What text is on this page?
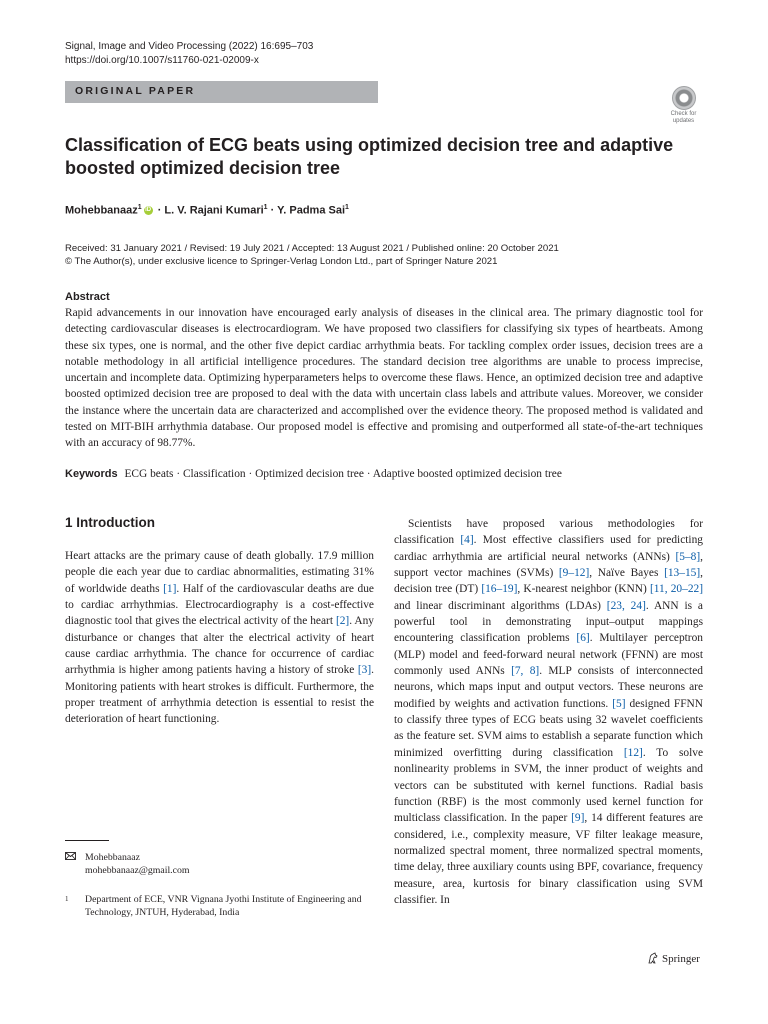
Signal, Image and Video Processing (2022) 16:695–703
https://doi.org/10.1007/s11760-021-02009-x
ORIGINAL PAPER
Check for
updates
Classification of ECG beats using optimized decision tree and adaptive boosted optimized decision tree
Mohebbanaaz$^1$ iD · L. V. Rajani Kumari$^1$ · Y. Padma Sai$^1$
Received: 31 January 2021 / Revised: 19 July 2021 / Accepted: 13 August 2021 / Published online: 20 October 2021
© The Author(s), under exclusive licence to Springer-Verlag London Ltd., part of Springer Nature 2021
Abstract
Rapid advancements in our innovation have encouraged early analysis of diseases in the clinical area. The primary diagnostic tool for detecting cardiovascular diseases is electrocardiogram. We have proposed two classifiers for classifying six types of heartbeats. Among these six types, one is normal, and the other five depict cardiac arrhythmia beats. For tackling complex order issues, decision trees are a notable methodology in all artificial intelligence procedures. The standard decision tree algorithms are unable to process imprecise, uncertain and incomplete data. Optimizing hyperparameters helps to overcome these flaws. Hence, an optimized decision tree and adaptive boosted optimized decision tree are proposed to deal with the data with uncertain class labels and attribute values. Moreover, we consider the instance where the uncertain data are characterized and accomplished over the evidence theory. The proposed method is validated and tested on MIT-BIH arrhythmia database. Our proposed model is effective and promising and outperformed all state-of-the-art techniques with an accuracy of 98.77%.
Keywords ECG beats · Classification · Optimized decision tree · Adaptive boosted optimized decision tree
1 Introduction
Heart attacks are the primary cause of death globally. 17.9 million people die each year due to cardiac abnormalities, estimating 31% of worldwide deaths [1]. Half of the cardiovascular deaths are due to cardiac arrhythmias. Electrocardiography is a cost-effective diagnostic tool that gives the electrical activity of the heart [2]. Any disturbance or changes that alter the electrical activity of heart cause cardiac arrhythmia. The chance for occurrence of cardiac arrhythmia is higher among patients having a history of stroke [3]. Monitoring patients with heart strokes is difficult. Furthermore, the proper treatment of arrhythmia detection is essential to resist the deterioration of heart functioning.
Scientists have proposed various methodologies for classification [4]. Most effective classifiers used for predicting cardiac arrhythmia are artificial neural networks (ANNs) [5–8], support vector machines (SVMs) [9–12], Naïve Bayes [13–15], decision tree (DT) [16–19], K-nearest neighbor (KNN) [11, 20–22] and linear discriminant algorithms (LDAs) [23, 24]. ANN is a powerful tool in demonstrating input–output mappings encountering classification problems [6]. Multilayer perceptron (MLP) model and feed-forward neural network (FFNN) are most commonly used ANNs [7, 8]. MLP consists of interconnected neurons, which maps input and output vectors. These neurons are modified by weights and activation functions. [5] designed FFNN to classify three types of ECG beats using 32 wavelet coefficients as the feature set. SVM aims to establish a separate function which minimized overfitting during classification [12]. To solve nonlinearity problems in SVM, the inner product of weights and vectors can be substituted with kernel functions. Radial basis function (RBF) is the most commonly used kernel function for multiclass classification. In the paper [9], 14 different features are considered, i.e., complexity measure, VF filter leakage measure, normalized spectral moment, three normalized spectral moments, time delay, three auxiliary counts using BPF, covariance, frequency measure, area, kurtosis for binary classification using SVM classifier. In
Mohebbanaaz
mohebbanaaz@gmail.com
1	Department of ECE, VNR Vignana Jyothi Institute of Engineering and Technology, JNTUH, Hyderabad, India
Springer
